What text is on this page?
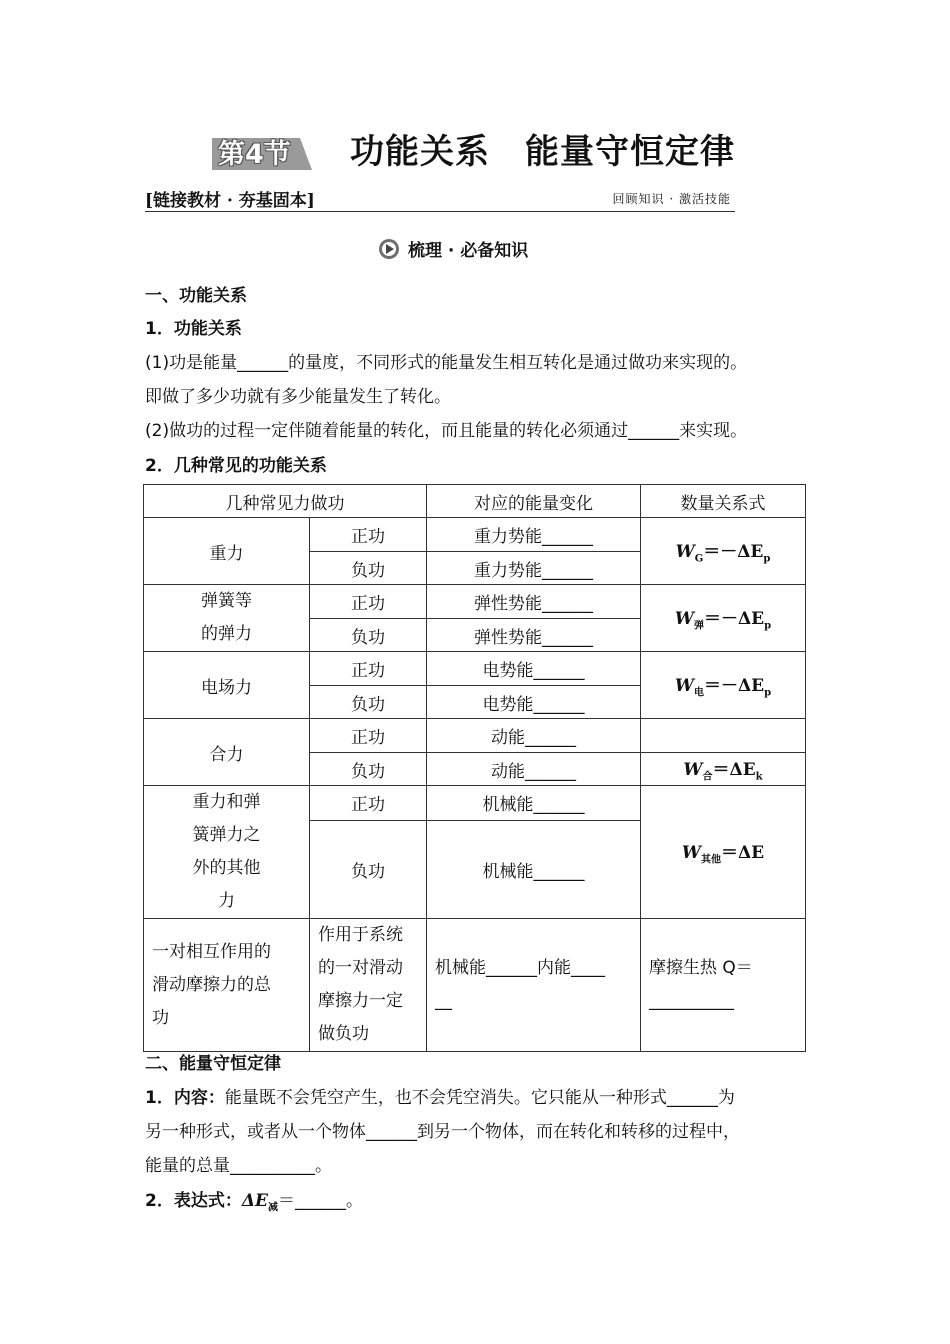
第4节	功能关系　能量守恒定律
[链接教材 · 夯基固本]	回顾知识 · 激活技能
梳理 · 必备知识
一、功能关系
1．功能关系
(1)功是能量______的量度，不同形式的能量发生相互转化是通过做功来实现的。
即做了多少功就有多少能量发生了转化。
(2)做功的过程一定伴随着能量的转化，而且能量的转化必须通过______来实现。
2．几种常见的功能关系
几种常见力做功		对应的能量变化	数量关系式
重力	正功	重力势能______	$W_G=-\Delta E_p$
	负功	重力势能______	
弹簧等
的弹力	正功	弹性势能______	$W_弹=-\Delta E_p$
	负功	弹性势能______	
电场力	正功	电势能______	$W_电=-\Delta E_p$
	负功	电势能______	
合力	正功	动能______	
	负功	动能______	$W_合=\Delta E_k$
重力和弹
簧弹力之
外的其他
力	正功	机械能______	$W_{其他}=\Delta E$
	负功	机械能______	
一对相互作用的
滑动摩擦力的总
功	作用于系统
的一对滑动
摩擦力一定
做负功	机械能______内能____
__	摩擦生热 Q＝
__________
二、能量守恒定律
1．内容：能量既不会凭空产生，也不会凭空消失。它只能从一种形式______为
另一种形式，或者从一个物体______到另一个物体，而在转化和转移的过程中，
能量的总量__________。
2．表达式：$\Delta E_减=\_\_\_\_\_\_$。
